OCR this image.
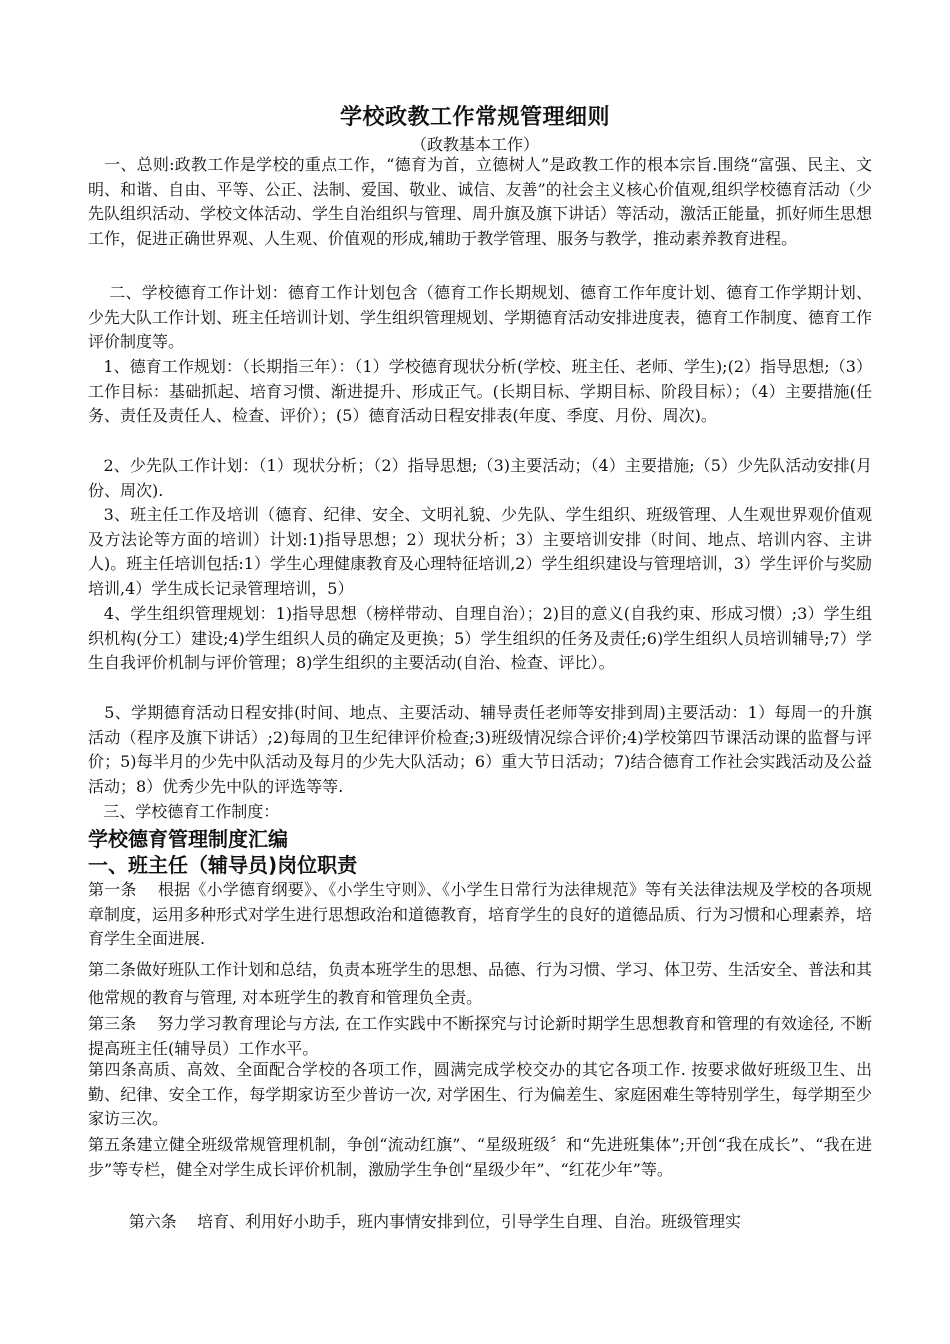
学校政教工作常规管理细则
（政教基本工作）
一、总则:政教工作是学校的重点工作，“德育为首，立德树人”是政教工作的根本宗旨.围绕“富强、民主、文明、和谐、自由、平等、公正、法制、爱国、敬业、诚信、友善”的社会主义核心价值观,组织学校德育活动（少先队组织活动、学校文体活动、学生自治组织与管理、周升旗及旗下讲话）等活动，激活正能量，抓好师生思想工作，促进正确世界观、人生观、价值观的形成,辅助于教学管理、服务与教学，推动素养教育进程。
二、学校德育工作计划：德育工作计划包含（德育工作长期规划、德育工作年度计划、德育工作学期计划、少先大队工作计划、班主任培训计划、学生组织管理规划、学期德育活动安排进度表，德育工作制度、德育工作评价制度等。
1、德育工作规划：（长期指三年）：（1）学校德育现状分析(学校、班主任、老师、学生);(2）指导思想;（3）工作目标：基础抓起、培育习惯、渐进提升、形成正气。(长期目标、学期目标、阶段目标）；（4）主要措施(任务、责任及责任人、检查、评价）；(5）德育活动日程安排表(年度、季度、月份、周次)。
2、少先队工作计划：（1）现状分析；（2）指导思想;（3)主要活动；（4）主要措施;（5）少先队活动安排(月份、周次).
3、班主任工作及培训（德育、纪律、安全、文明礼貌、少先队、学生组织、班级管理、人生观世界观价值观及方法论等方面的培训）计划:1)指导思想；2）现状分析；3）主要培训安排（时间、地点、培训内容、主讲人)。班主任培训包括:1）学生心理健康教育及心理特征培训,2）学生组织建设与管理培训，3）学生评价与奖励培训,4）学生成长记录管理培训，5）
4、学生组织管理规划：1)指导思想（榜样带动、自理自治）；2)目的意义(自我约束、形成习惯）;3）学生组织机构(分工）建设;4)学生组织人员的确定及更换；5）学生组织的任务及责任;6)学生组织人员培训辅导;7）学生自我评价机制与评价管理；8)学生组织的主要活动(自治、检查、评比）。
5、学期德育活动日程安排(时间、地点、主要活动、辅导责任老师等安排到周)主要活动：1）每周一的升旗活动（程序及旗下讲话）;2)每周的卫生纪律评价检查;3)班级情况综合评价;4)学校第四节课活动课的监督与评价；5)每半月的少先中队活动及每月的少先大队活动；6）重大节日活动；7)结合德育工作社会实践活动及公益活动；8）优秀少先中队的评选等等.
三、学校德育工作制度：
学校德育管理制度汇编
一、班主任（辅导员)岗位职责
第一条    根据《小学德育纲要》、《小学生守则》、《小学生日常行为法律规范》等有关法律法规及学校的各项规章制度，运用多种形式对学生进行思想政治和道德教育，培育学生的良好的道德品质、行为习惯和心理素养，培育学生全面进展.
第二条做好班队工作计划和总结，负责本班学生的思想、品德、行为习惯、学习、体卫劳、生活安全、普法和其他常规的教育与管理, 对本班学生的教育和管理负全责。
第三条    努力学习教育理论与方法, 在工作实践中不断探究与讨论新时期学生思想教育和管理的有效途径, 不断提高班主任(辅导员）工作水平。
第四条高质、高效、全面配合学校的各项工作，圆满完成学校交办的其它各项工作. 按要求做好班级卫生、出勤、纪律、安全工作，每学期家访至少普访一次, 对学困生、行为偏差生、家庭困难生等特别学生，每学期至少家访三次。
第五条建立健全班级常规管理机制，争创“流动红旗”、“星级班级〞和“先进班集体”;开创“我在成长”、“我在进步”等专栏，健全对学生成长评价机制，激励学生争创“星级少年”、“红花少年”等。
第六条    培育、利用好小助手，班内事情安排到位，引导学生自理、自治。班级管理实
